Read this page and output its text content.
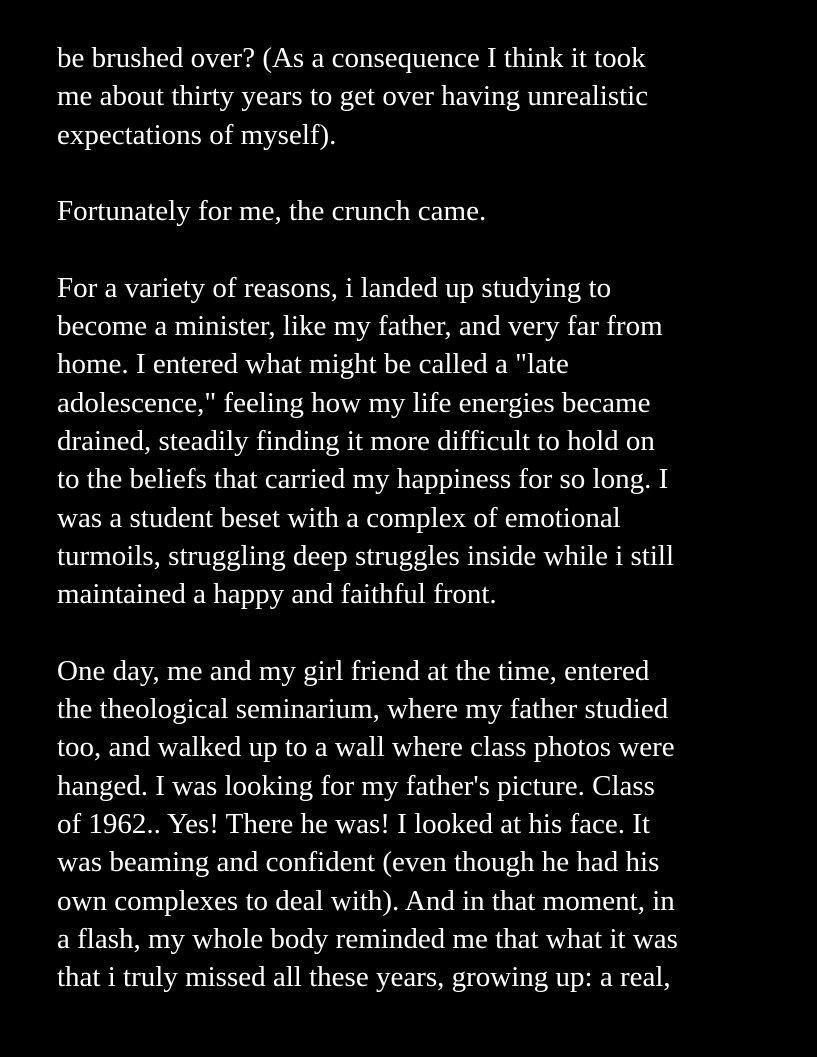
be brushed over? (As a consequence I think it took
me about thirty years to get over having unrealistic
expectations of myself).

Fortunately for me, the crunch came.

For a variety of reasons, i landed up studying to
become a minister, like my father, and very far from
home. I entered what might be called a "late
adolescence," feeling how my life energies became
drained, steadily finding it more difficult to hold on
to the beliefs that carried my happiness for so long. I
was a student beset with a complex of emotional
turmoils, struggling deep struggles inside while i still
maintained a happy and faithful front.

One day, me and my girl friend at the time, entered
the theological seminarium, where my father studied
too, and walked up to a wall where class photos were
hanged. I was looking for my father's picture. Class
of 1962.. Yes! There he was! I looked at his face. It
was beaming and confident (even though he had his
own complexes to deal with). And in that moment, in
a flash, my whole body reminded me that what it was
that i truly missed all these years, growing up: a real,
